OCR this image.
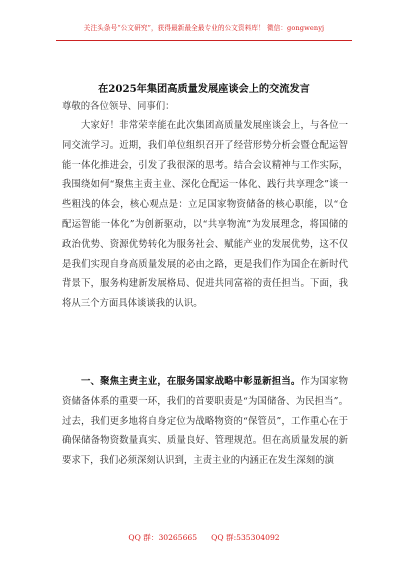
关注头条号“公文研究”，获得最新最全最专业的公文资料库！ 微信：gongwenyj
在2025年集团高质量发展座谈会上的交流发言
尊敬的各位领导、同事们：

大家好！非常荣幸能在此次集团高质量发展座谈会上，与各位一同交流学习。近期，我们单位组织召开了经营形势分析会暨仓配运智能一体化推进会，引发了我很深的思考。结合会议精神与工作实际，我围绕如何“聚焦主责主业、深化仓配运一体化、践行共享理念”谈一些粗浅的体会，核心观点是：立足国家物资储备的核心职能，以“仓配运智能一体化”为创新驱动，以“共享物流”为发展理念，将国储的政治优势、资源优势转化为服务社会、赋能产业的发展优势，这不仅是我们实现自身高质量发展的必由之路，更是我们作为国企在新时代背景下，服务构建新发展格局、促进共同富裕的责任担当。下面，我将从三个方面具体谈谈我的认识。

一、聚焦主责主业，在服务国家战略中彰显新担当。作为国家物资储备体系的重要一环，我们的首要职责是“为国储备、为民担当”。过去，我们更多地将自身定位为战略物资的“保管员”，工作重心在于确保储备物资数量真实、质量良好、管理规范。但在高质量发展的新要求下，我们必须深刻认识到，主责主业的内涵正在发生深刻的演

QQ 群：30265665 QQ 群:535304092
